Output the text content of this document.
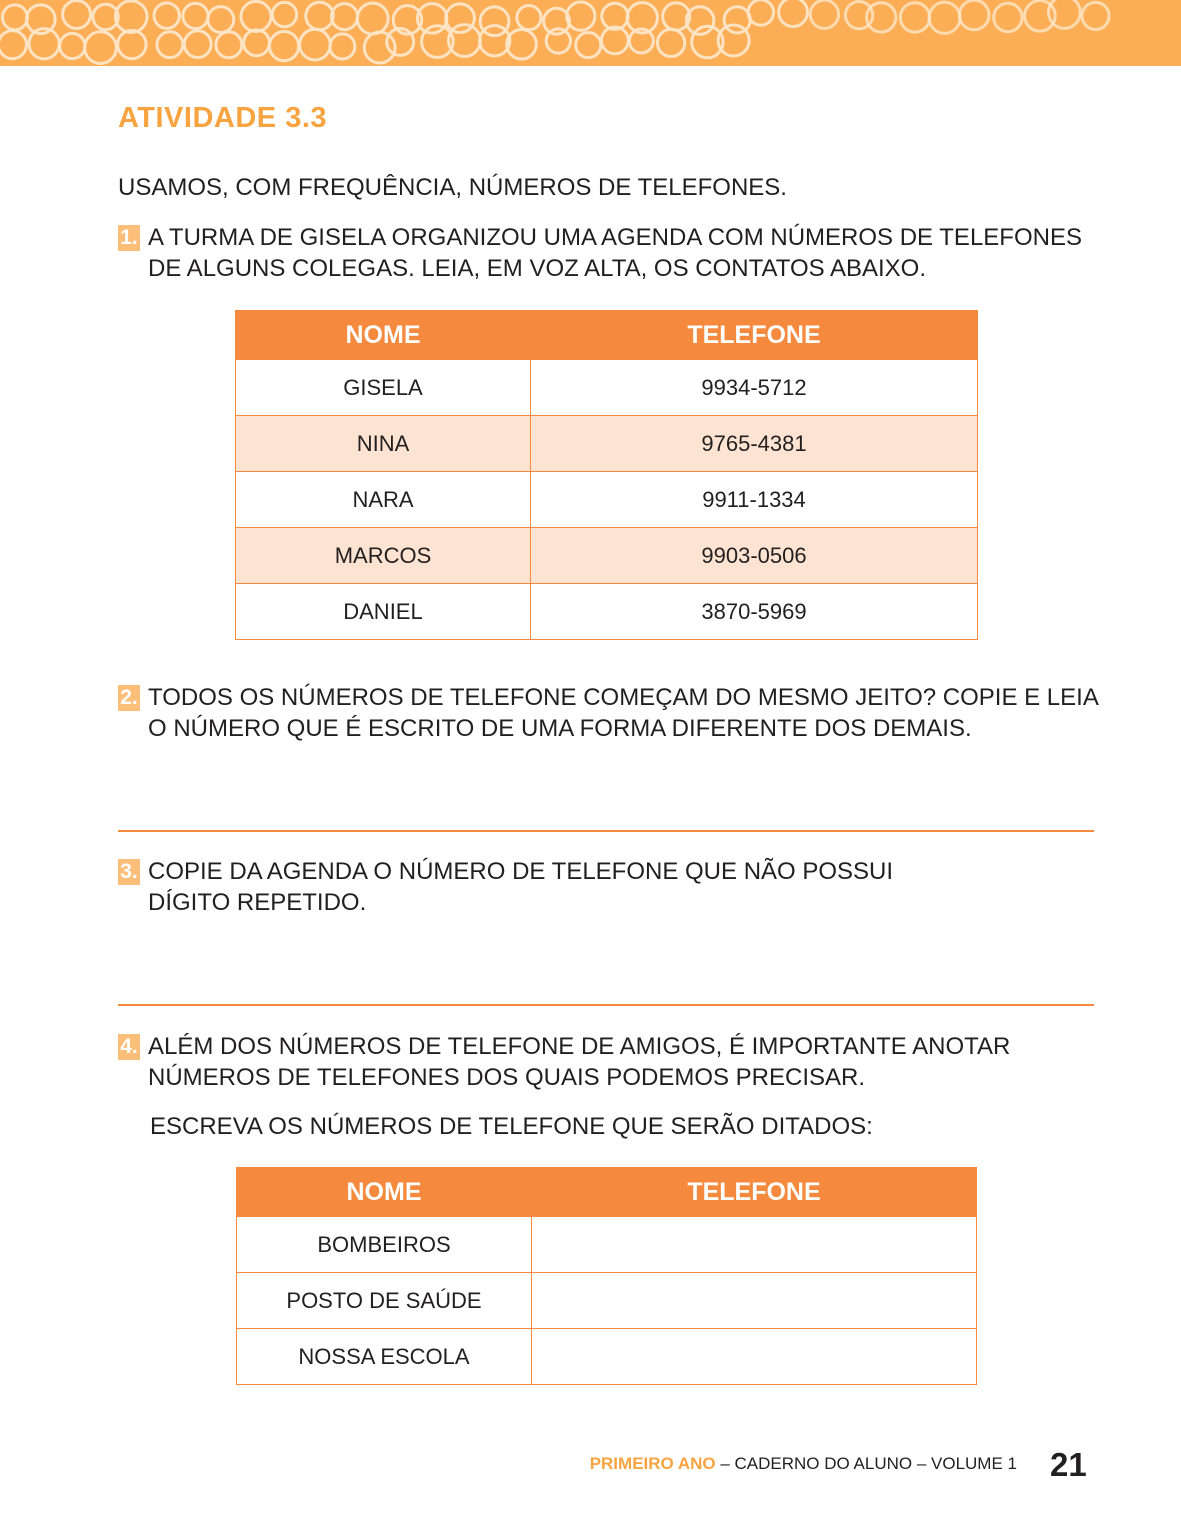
ATIVIDADE 3.3
USAMOS, COM FREQUÊNCIA, NÚMEROS DE TELEFONES.
1. A TURMA DE GISELA ORGANIZOU UMA AGENDA COM NÚMEROS DE TELEFONES DE ALGUNS COLEGAS. LEIA, EM VOZ ALTA, OS CONTATOS ABAIXO.
NOME	TELEFONE
GISELA	9934-5712
NINA	9765-4381
NARA	9911-1334
MARCOS	9903-0506
DANIEL	3870-5969
2. TODOS OS NÚMEROS DE TELEFONE COMEÇAM DO MESMO JEITO? COPIE E LEIA O NÚMERO QUE É ESCRITO DE UMA FORMA DIFERENTE DOS DEMAIS.
3. COPIE DA AGENDA O NÚMERO DE TELEFONE QUE NÃO POSSUI DÍGITO REPETIDO.
4. ALÉM DOS NÚMEROS DE TELEFONE DE AMIGOS, É IMPORTANTE ANOTAR NÚMEROS DE TELEFONES DOS QUAIS PODEMOS PRECISAR.
ESCREVA OS NÚMEROS DE TELEFONE QUE SERÃO DITADOS:
NOME	TELEFONE
BOMBEIROS	
POSTO DE SAÚDE	
NOSSA ESCOLA	
PRIMEIRO ANO – CADERNO DO ALUNO – VOLUME 1 21
